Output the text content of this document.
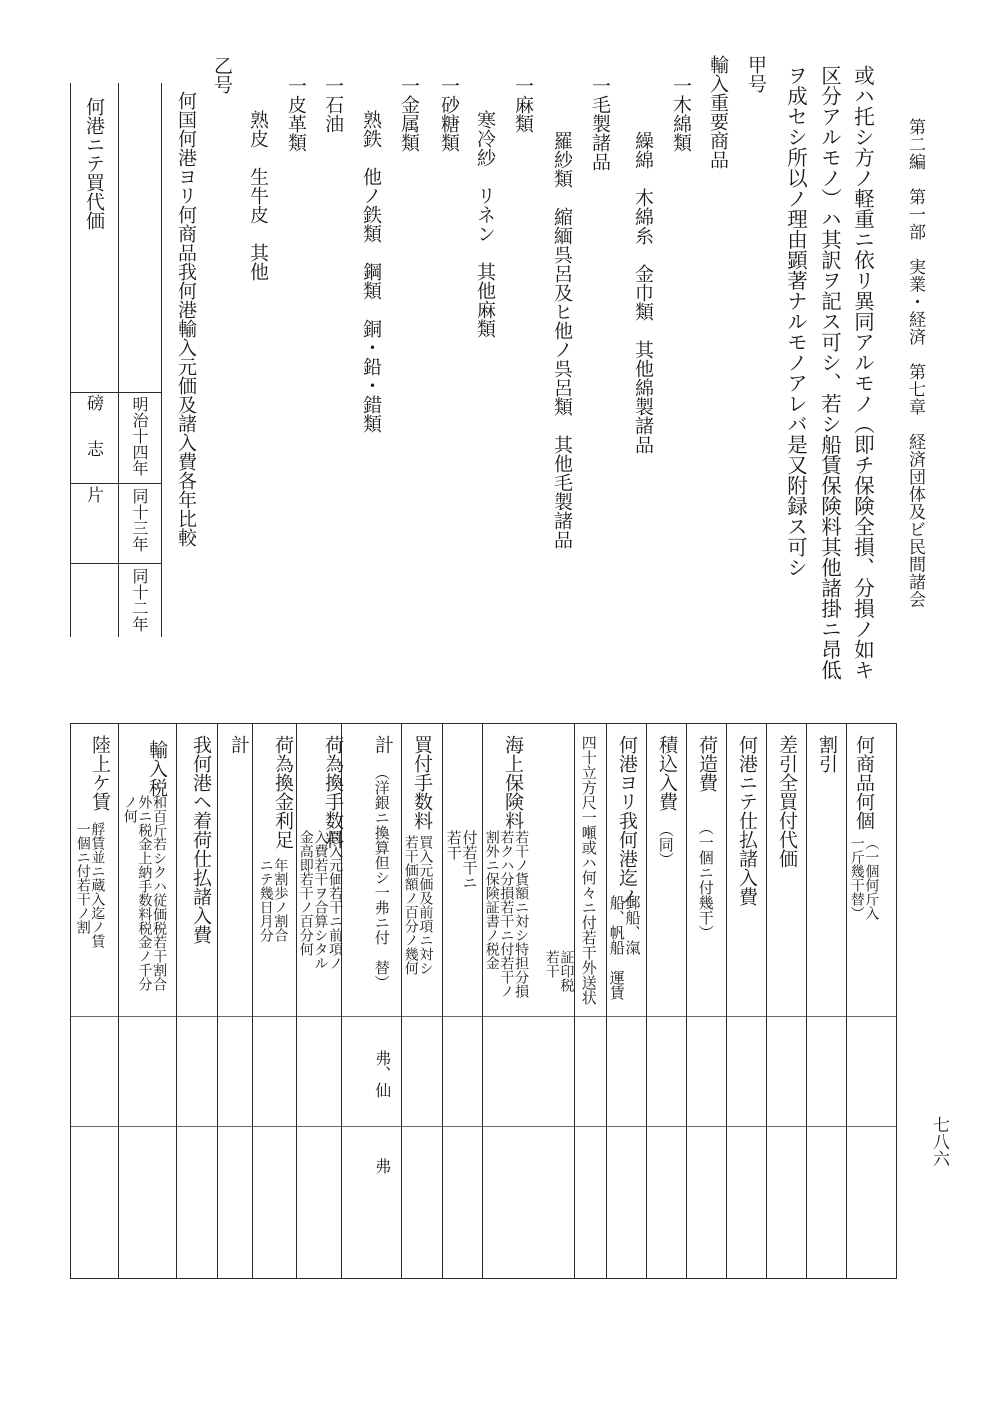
第二編　第一部　実業・経済　第七章　経済団体及ビ民間諸会
七八六
或ハ托シ方ノ軽重ニ依リ異同アルモノ（即チ保険全損、分損ノ如キ
区分アルモノ）ハ其訳ヲ記ス可シ、若シ船賃保険料其他諸掛ニ昂低
ヲ成セシ所以ノ理由顕著ナルモノアレバ是又附録ス可シ
甲号
輸入重要商品
一木綿類
繰綿　木綿糸　金巾類　其他綿製諸品
一毛製諸品
羅紗類　縮緬呉呂及ヒ他ノ呉呂類　其他毛製諸品
一麻類
寒冷紗　リネン　其他麻類
一砂糖類
一金属類
熟鉄　他ノ鉄類　鋼類　銅・鉛・錯類
一石油
一皮革類
熟皮　生牛皮　其他
乙号
何国何港ヨリ何商品我何港輸入元価及諸入費各年比較
何港ニテ買代価
磅　志　片 明治十四年
同十三年
同十二年
何商品何個
（一個何斤入
一斤幾干替）
割引
差引全買付代価
何港ニテ仕払諸入費
荷造費
（一個ニ付幾干）
積込入費
（同）
何港ヨリ我何港迄ノ
郵船、滊
船、帆船　運賃
四十立方尺一噸或ハ何々ニ付若干外送状
証印税
若干
海上保険料
若干ノ貨額ニ対シ特担分損
若クハ分損若干ニ付若干ノ
割外ニ保険証書ノ税金
付若干ニ
若干
買付手数料
買入元価及前項ニ対シ
若干価額ノ百分ノ幾何
計
（洋銀ニ換算但シ一弗ニ付　替）
弗、仙
弗
荷為換手数料
買入元価若干ニ前項ノ
入費若干ヲ合算シタル
金高即若干ノ百分何
荷為換金利足
年割歩ノ割合
ニテ幾日月分
計
我何港ヘ着荷仕払諸入費
輸入税
和百斤若シクハ従価税若干割合
外ニ税金上納手数料税金ノ千分
ノ何
陸上ケ賃
艀賃並ニ蔵入迄ノ賃
一個ニ付若干ノ割
